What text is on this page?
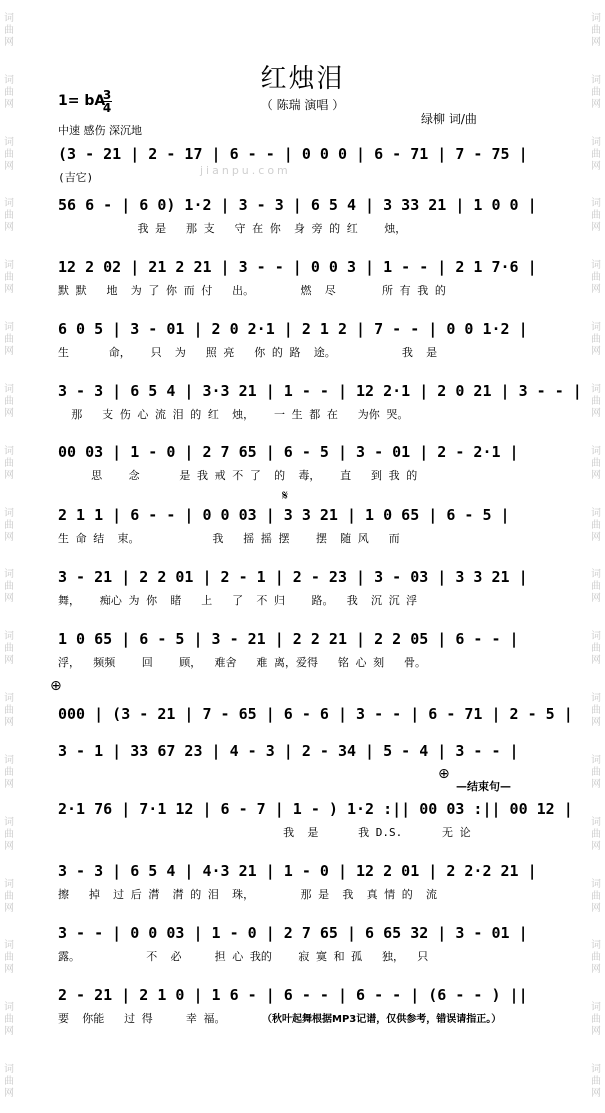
词
曲
网
词
曲
网
词
曲
网
词
曲
网
词
曲
网
词
曲
网
词
曲
网
词
曲
网
词
曲
网
词
曲
网
词
曲
网
词
曲
网
词
曲
网
词
曲
网
词
曲
网
词
曲
网
词
曲
网
词
曲
网
词
曲
网
词
曲
网
词
曲
网
词
曲
网
词
曲
网
词
曲
网
词
曲
网
词
曲
网
词
曲
网
词
曲
网
词
曲
网
词
曲
网
词
曲
网
词
曲
网
词
曲
网
词
曲
网
词
曲
网
词
曲
网
红烛泪
（ 陈瑞 演唱 ）
1= bA
3
4
中速 感伤 深沉地
绿柳 词/曲
jianpu.com
(3 - 21 | 2 - 17 | 6 - - | 0 0 0 | 6 - 71 | 7 - 75 |
(吉它)
56 6 - | 6 0) 1·2 | 3 - 3 | 6 5 4 | 3 33 21 | 1 0 0 |
我 是   那 支   守 在 你  身 旁 的 红    烛，
12 2 02 | 21 2 21 | 3 - - | 0 0 3 | 1 - - | 2 1 7·6 |
默 默   地  为 了 你 而 付   出。       燃  尽       所 有 我 的
6 0 5 | 3 - 01 | 2 0 2·1 | 2 1 2 | 7 - - | 0 0 1·2 |
生      命，   只  为   照 亮   你 的 路  途。          我  是
3 - 3 | 6 5 4 | 3·3 21 | 1 - - | 12 2·1 | 2 0 21 | 3 - - |
那   支 伤 心 流 泪 的 红  烛，   一 生 都 在   为你 哭。
00 03 | 1 - 0 | 2 7 65 | 6 - 5 | 3 - 01 | 2 - 2·1 |
思    念      是 我 戒 不 了  的  毒，   直   到 我 的
2 1 1 | 6 - - | 0 0 03 | 3 3 21 | 1 0 65 | 6 - 5 |
生 命 结  束。           我   摇 摇 摆    摆  随 风   而
3 - 21 | 2 2 01 | 2 - 1 | 2 - 23 | 3 - 03 | 3 3 21 |
舞，   痴心 为 你  睹   上   了  不 归    路。  我  沉 沉 浮
1 0 65 | 6 - 5 | 3 - 21 | 2 2 21 | 2 2 05 | 6 - - |
浮，  频频    回    顾，  难舍   难 离，爱得   铭 心 刻   骨。
000 | (3 - 21 | 7 - 65 | 6 - 6 | 3 - - | 6 - 71 | 2 - 5 |
3 - 1 | 33 67 23 | 4 - 3 | 2 - 34 | 5 - 4 | 3 - - |
2·1 76 | 7·1 12 | 6 - 7 | 1 - ) 1·2 :|| 00 03 :|| 00 12 |
我  是      我 D.S.      无 论
3 - 3 | 6 5 4 | 4·3 21 | 1 - 0 | 12 2 01 | 2 2·2 21 |
擦   掉  过 后 潸  潸 的 泪  珠，       那 是  我  真 情 的  流
3 - - | 0 0 03 | 1 - 0 | 2 7 65 | 6 65 32 | 3 - 01 |
露。          不  必     担 心 我的    寂 寞 和 孤   独，  只
2 - 21 | 2 1 0 | 1 6 - | 6 - - | 6 - - | (6 - - ) ||
要  你能   过 得     幸 福。
𝄋
⊕
⊕
—结束句—
（秋叶起舞根据MP3记谱，仅供参考，错误请指正。）
